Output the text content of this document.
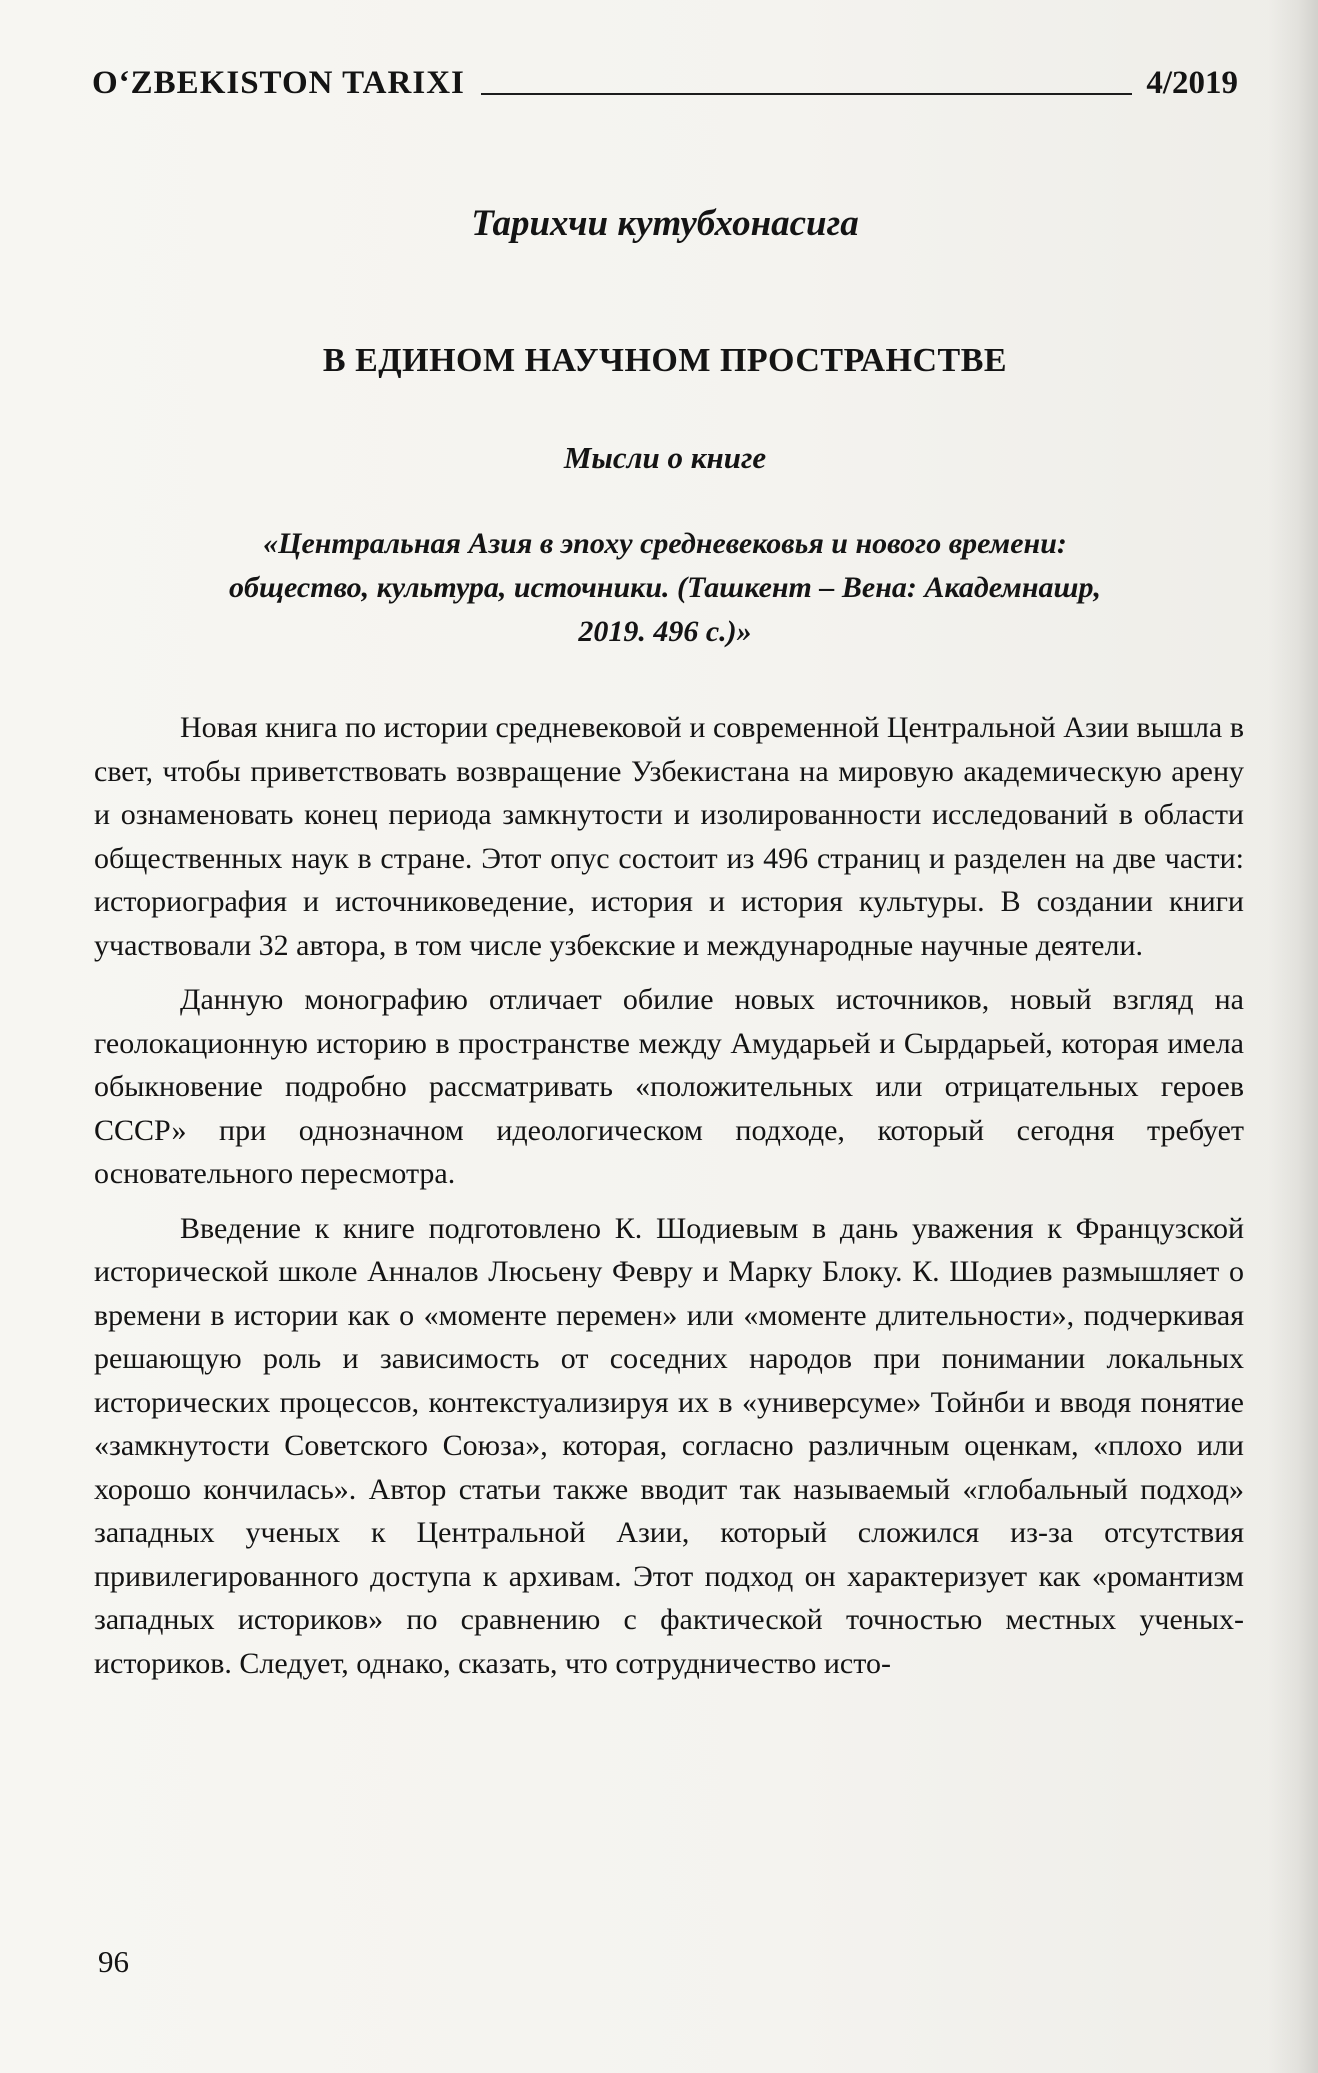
O‘ZBEKISTON TARIXI	4/2019
Тарихчи кутубхонасига
В ЕДИНОМ НАУЧНОМ ПРОСТРАНСТВЕ
Мысли о книге
«Центральная Азия в эпоху средневековья и нового времени:
общество, культура, источники. (Ташкент – Вена: Академнашр,
2019. 496 с.)»

Новая книга по истории средневековой и современной Центральной Азии вышла в свет, чтобы приветствовать возвращение Узбекистана на мировую академическую арену и ознаменовать конец периода замкнутости и изолированности исследований в области общественных наук в стране. Этот опус состоит из 496 страниц и разделен на две части: историография и источниковедение, история и история культуры. В создании книги участвовали 32 автора, в том числе узбекские и международные научные деятели.

Данную монографию отличает обилие новых источников, новый взгляд на геолокационную историю в пространстве между Амударьей и Сырдарьей, которая имела обыкновение подробно рассматривать «положительных или отрицательных героев СССР» при однозначном идеологическом подходе, который сегодня требует основательного пересмотра.

Введение к книге подготовлено К. Шодиевым в дань уважения к Французской исторической школе Анналов Люсьену Февру и Марку Блоку. К. Шодиев размышляет о времени в истории как о «моменте перемен» или «моменте длительности», подчеркивая решающую роль и зависимость от соседних народов при понимании локальных исторических процессов, контекстуализируя их в «универсуме» Тойнби и вводя понятие «замкнутости Советского Союза», которая, согласно различным оценкам, «плохо или хорошо кончилась». Автор статьи также вводит так называемый «глобальный подход» западных ученых к Центральной Азии, который сложился из-за отсутствия привилегированного доступа к архивам. Этот подход он характеризует как «романтизм западных историков» по сравнению с фактической точностью местных ученых-историков. Следует, однако, сказать, что сотрудничество исто-

96
